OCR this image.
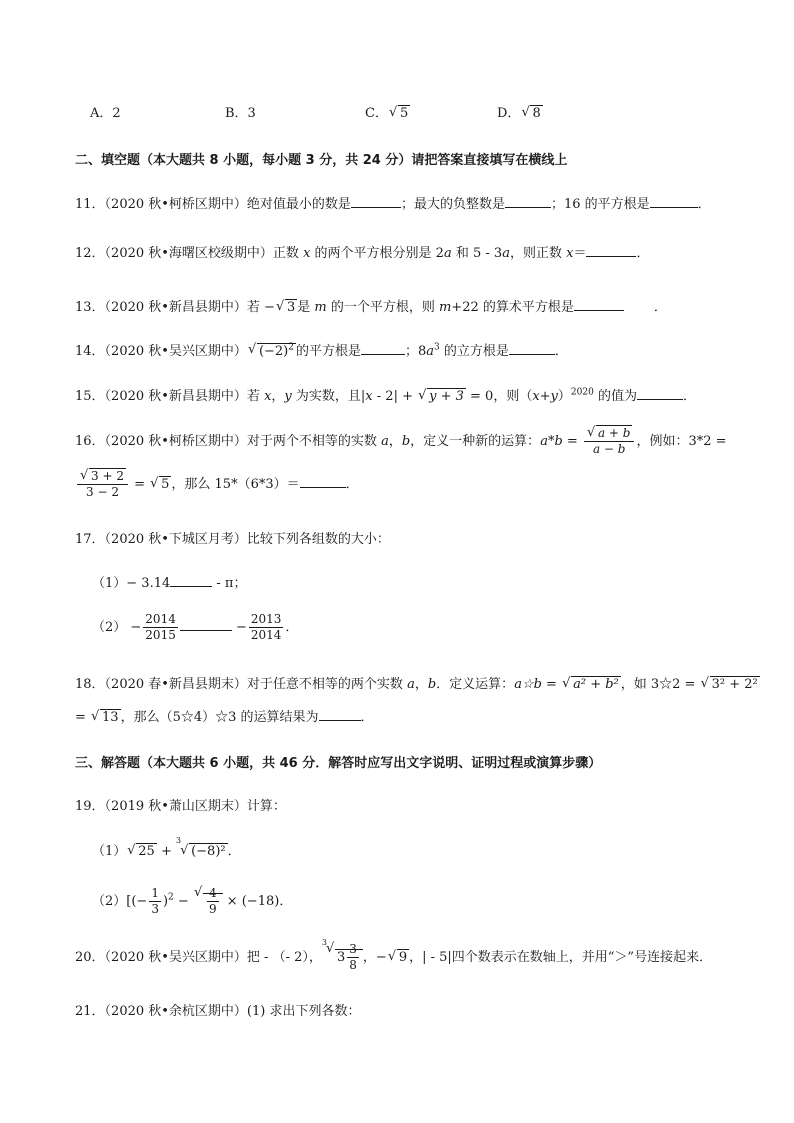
A．2	B．3	C． √ 5	D． √ 8
二、填空题（本大题共 8 小题，每小题 3 分，共 24 分）请把答案直接填写在横线上
11．（2020 秋•柯桥区期中）绝对值最小的数是	；最大的负整数是	；16 的平方根是	．
12．（2020 秋•海曙区校级期中）正数 x 的两个平方根分别是 2a 和 5 - 3a，则正数 x＝	．
13．（2020 秋•新昌县期中）若 − √ 3 是 m 的一个平方根，则 m+22 的算术平方根是	．
14．（2020 秋•吴兴区期中） √ $(-2)^2$ 的平方根是	；$8a^3$ 的立方根是	．
15．（2020 秋•新昌县期中）若 x，y 为实数，且|x - 2| + √ y + 3 = 0，则$(x+y)^{2020}$ 的值为	．
16．（2020 秋•柯桥区期中）对于两个不相等的实数 a，b，定义一种新的运算：$a*b = \frac{√ a + b}{a - b}$ ，例如：3*2 =
$\frac{√ 3 + 2}{3 - 2}$ = √ 5 ，那么 15*（6*3）＝	．
17．（2020 秋•下城区月考）比较下列各组数的大小：
（1）− 3.14	- π；
$(2) - \frac{2014}{2015}$	− $\frac{2013}{2014}$ ．
18．（2020 春•新昌县期末）对于任意不相等的两个实数 a，b．定义运算：a☆b = √ a² + b² ，如 3☆2 = √ 3² + 2²
= √ 13 ，那么（5☆4）☆3 的运算结果为	．
三、解答题（本大题共 6 小题，共 46 分．解答时应写出文字说明、证明过程或演算步骤）
19．（2019 秋•萧山区期末）计算：
（1） √ 25 + $^3$
√ (−8)² ．
$(2)[(- \frac{1}{3} )^2$ −
√ $\frac{4}{9} \times (-18)$．
20．（2020 秋•吴兴区期中）把 - （- 2），$^3$ √
$3 \frac{3}{8}$ ，− √ 9 ，| - 5|四个数表示在数轴上，并用“＞”号连接起来．
21．（2020 秋•余杭区期中）(1) 求出下列各数：
